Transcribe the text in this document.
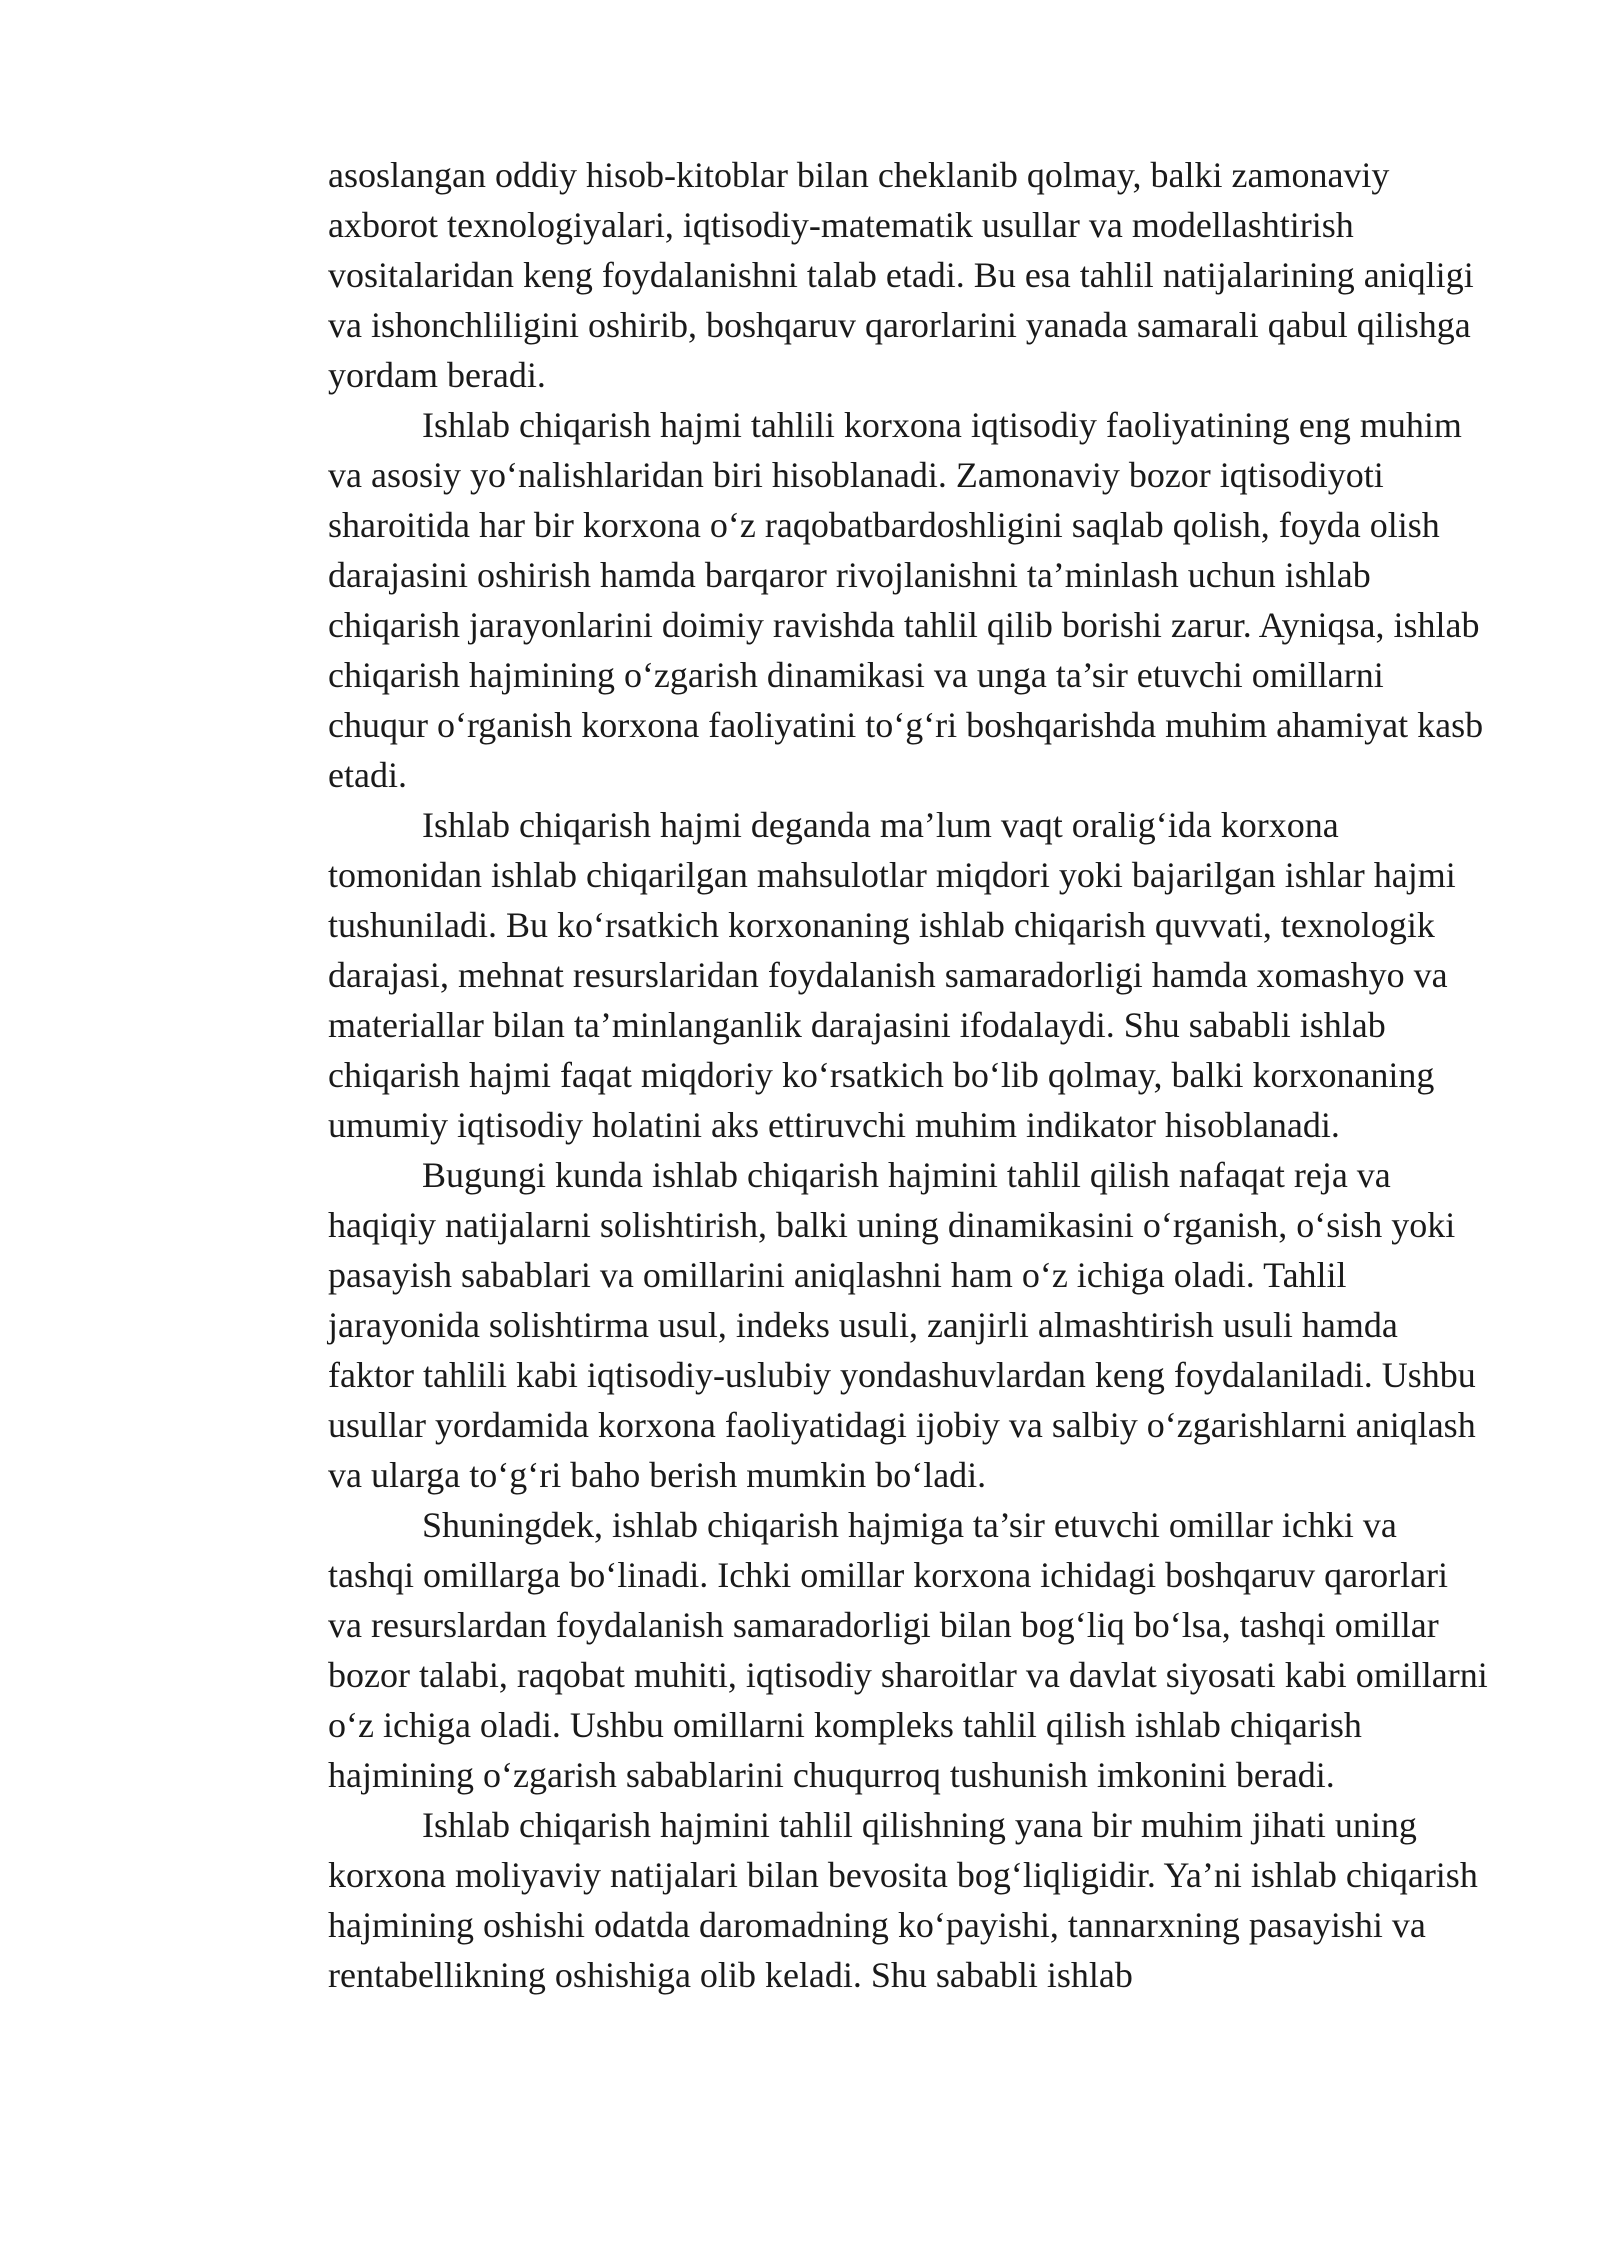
asoslangan oddiy hisob-kitoblar bilan cheklanib qolmay, balki zamonaviy axborot texnologiyalari, iqtisodiy-matematik usullar va modellashtirish vositalaridan keng foydalanishni talab etadi. Bu esa tahlil natijalarining aniqligi va ishonchliligini oshirib, boshqaruv qarorlarini yanada samarali qabul qilishga yordam beradi.

Ishlab chiqarish hajmi tahlili korxona iqtisodiy faoliyatining eng muhim va asosiy yo‘nalishlaridan biri hisoblanadi. Zamonaviy bozor iqtisodiyoti sharoitida har bir korxona o‘z raqobatbardoshligini saqlab qolish, foyda olish darajasini oshirish hamda barqaror rivojlanishni ta’minlash uchun ishlab chiqarish jarayonlarini doimiy ravishda tahlil qilib borishi zarur. Ayniqsa, ishlab chiqarish hajmining o‘zgarish dinamikasi va unga ta’sir etuvchi omillarni chuqur o‘rganish korxona faoliyatini to‘g‘ri boshqarishda muhim ahamiyat kasb etadi.

Ishlab chiqarish hajmi deganda ma’lum vaqt oralig‘ida korxona tomonidan ishlab chiqarilgan mahsulotlar miqdori yoki bajarilgan ishlar hajmi tushuniladi. Bu ko‘rsatkich korxonaning ishlab chiqarish quvvati, texnologik darajasi, mehnat resurslaridan foydalanish samaradorligi hamda xomashyo va materiallar bilan ta’minlanganlik darajasini ifodalaydi. Shu sababli ishlab chiqarish hajmi faqat miqdoriy ko‘rsatkich bo‘lib qolmay, balki korxonaning umumiy iqtisodiy holatini aks ettiruvchi muhim indikator hisoblanadi.

Bugungi kunda ishlab chiqarish hajmini tahlil qilish nafaqat reja va haqiqiy natijalarni solishtirish, balki uning dinamikasini o‘rganish, o‘sish yoki pasayish sabablari va omillarini aniqlashni ham o‘z ichiga oladi. Tahlil jarayonida solishtirma usul, indeks usuli, zanjirli almashtirish usuli hamda faktor tahlili kabi iqtisodiy-uslubiy yondashuvlardan keng foydalaniladi. Ushbu usullar yordamida korxona faoliyatidagi ijobiy va salbiy o‘zgarishlarni aniqlash va ularga to‘g‘ri baho berish mumkin bo‘ladi.

Shuningdek, ishlab chiqarish hajmiga ta’sir etuvchi omillar ichki va tashqi omillarga bo‘linadi. Ichki omillar korxona ichidagi boshqaruv qarorlari va resurslardan foydalanish samaradorligi bilan bog‘liq bo‘lsa, tashqi omillar bozor talabi, raqobat muhiti, iqtisodiy sharoitlar va davlat siyosati kabi omillarni o‘z ichiga oladi. Ushbu omillarni kompleks tahlil qilish ishlab chiqarish hajmining o‘zgarish sabablarini chuqurroq tushunish imkonini beradi.

Ishlab chiqarish hajmini tahlil qilishning yana bir muhim jihati uning korxona moliyaviy natijalari bilan bevosita bog‘liqligidir. Ya’ni ishlab chiqarish hajmining oshishi odatda daromadning ko‘payishi, tannarxning pasayishi va rentabellikning oshishiga olib keladi. Shu sababli ishlab
